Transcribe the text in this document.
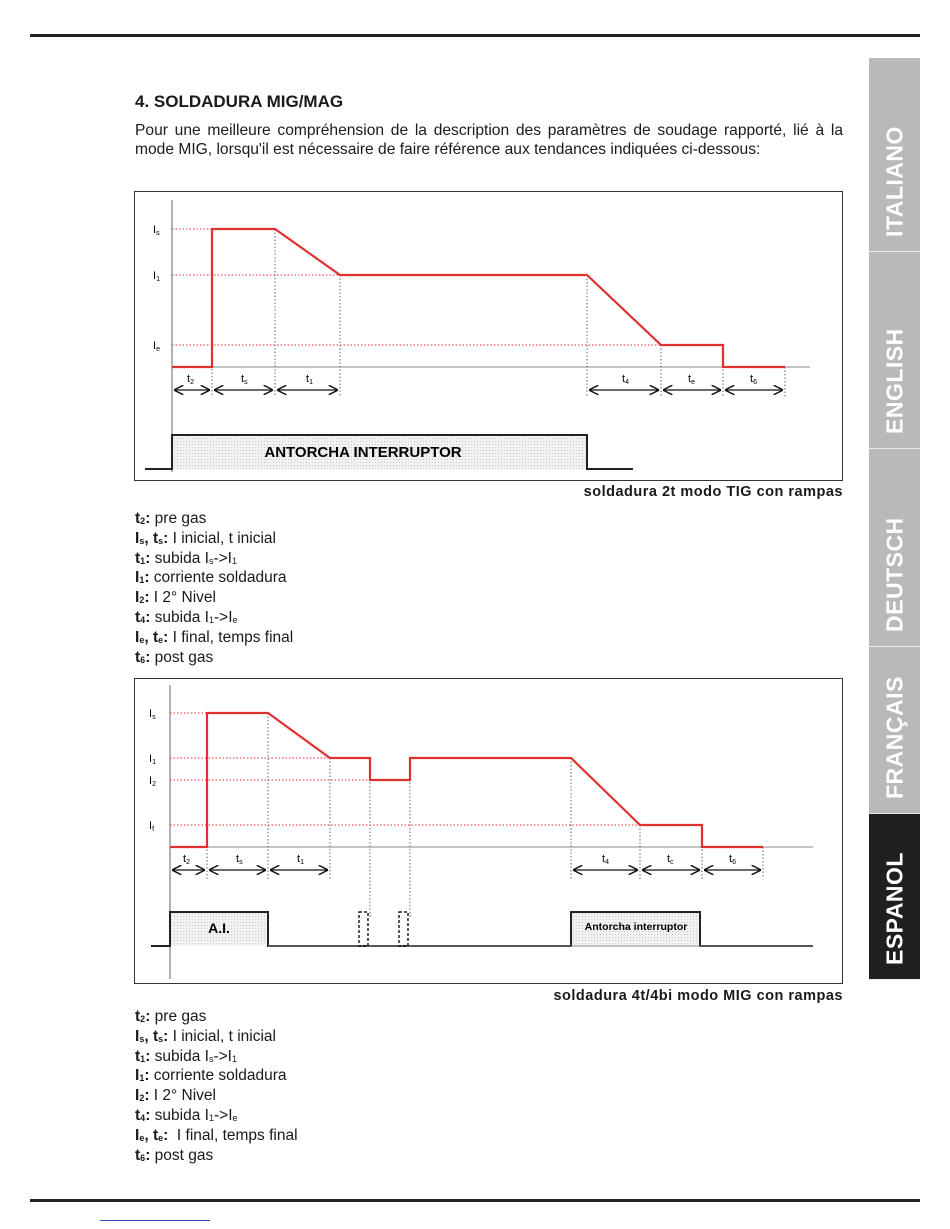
4. SOLDADURA MIG/MAG

Pour une meilleure compréhension de la description des paramètres de soudage rapporté, lié à la mode MIG, lorsqu'il est nécessaire de faire référence aux tendances indiquées ci-dessous:

Is
I1
Ie
t2	ts	t1	t4	te	t6
ANTORCHA INTERRUPTOR
soldadura 2t modo TIG con rampas
$t_2$: pre gas
$I_s$, $t_s$: I inicial, t inicial
$t_1$: subida $I_s->I_1$
$I_1$: corriente soldadura
$I_2$: I 2° Nivel
$t_4$: subida $I_1->I_e$
$I_e$, $t_e$: I final, temps final
$t_6$: post gas
Is
I1
I2
If
t2	ts	t1	t4	tc	t6
A.I.	Antorcha interruptor
soldadura 4t/4bi modo MIG con rampas
$t_2$: pre gas
$I_s$, $t_s$: I inicial, t inicial
$t_1$: subida $I_s->I_1$
$I_1$: corriente soldadura
$I_2$: I 2° Nivel
$t_4$: subida $I_1->I_e$
$I_e$, $t_e$:  I final, temps final
$t_6$: post gas
ITALIANO
ENGLISH
DEUTSCH
FRANÇAIS
ESPANOL
